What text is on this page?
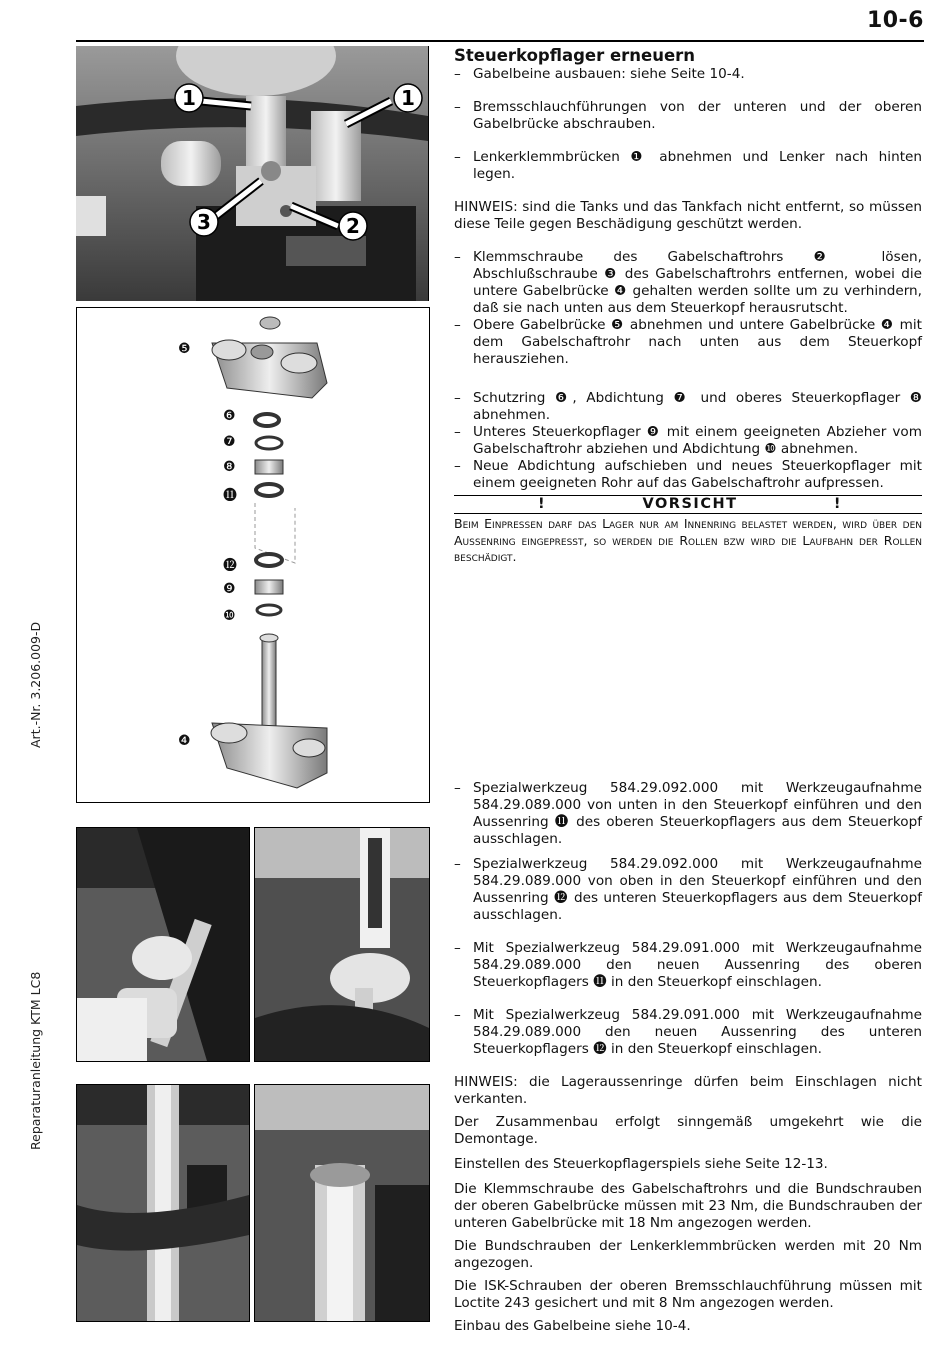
10-6
Art.-Nr. 3.206.009-D
Reparaturanleitung KTM LC8
1	1
3	2
❺
❻
❼
❽
⓫
⓬
❾
❿
❹
Steuerkopflager erneuern
– Gabelbeine ausbauen: siehe Seite 10-4.
– Bremsschlauchführungen von der unteren und der oberen Gabelbrücke abschrauben.
– Lenkerklemmbrücken ❶ abnehmen und Lenker nach hinten legen.
HINWEIS: sind die Tanks und das Tankfach nicht entfernt, so müssen diese Teile gegen Beschädigung geschützt werden.
– Klemmschraube des Gabelschaftrohrs ❷ lösen, Abschlußschraube ❸ des Gabelschaftrohrs entfernen, wobei die untere Gabelbrücke ❹ gehalten werden sollte um zu verhindern, daß sie nach unten aus dem Steuerkopf herausrutscht.
– Obere Gabelbrücke ❺ abnehmen und untere Gabelbrücke ❹ mit dem Gabelschaftrohr nach unten aus dem Steuerkopf herausziehen.
– Schutzring ❻, Abdichtung ❼ und oberes Steuerkopflager ❽ abnehmen.
– Unteres Steuerkopflager ❾ mit einem geeigneten Abzieher vom Gabelschaftrohr abziehen und Abdichtung ❿ abnehmen.
– Neue Abdichtung aufschieben und neues Steuerkopflager mit einem geeigneten Rohr auf das Gabelschaftrohr aufpressen.
!	VORSICHT	!
Beim Einpressen darf das Lager nur am Innenring belastet werden, wird über den Aussenring eingepreßt, so werden die Rollen bzw wird die Laufbahn der Rollen beschädigt.
– Spezialwerkzeug 584.29.092.000 mit Werkzeugaufnahme 584.29.089.000 von unten in den Steuerkopf einführen und den Aussenring ⓫ des oberen Steuerkopflagers aus dem Steuerkopf ausschlagen.
– Spezialwerkzeug 584.29.092.000 mit Werkzeugaufnahme 584.29.089.000 von oben in den Steuerkopf einführen und den Aussenring ⓬ des unteren Steuerkopflagers aus dem Steuerkopf ausschlagen.
– Mit Spezialwerkzeug 584.29.091.000 mit Werkzeugaufnahme 584.29.089.000 den neuen Aussenring des oberen Steuerkopflagers ⓫ in den Steuerkopf einschlagen.
– Mit Spezialwerkzeug 584.29.091.000 mit Werkzeugaufnahme 584.29.089.000 den neuen Aussenring des unteren Steuerkopflagers ⓬ in den Steuerkopf einschlagen.
HINWEIS: die Lageraussenringe dürfen beim Einschlagen nicht verkanten.
Der Zusammenbau erfolgt sinngemäß umgekehrt wie die Demontage.
Einstellen des Steuerkopflagerspiels siehe Seite 12-13.
Die Klemmschraube des Gabelschaftrohrs und die Bundschrauben der oberen Gabelbrücke müssen mit 23 Nm, die Bundschrauben der unteren Gabelbrücke mit 18 Nm angezogen werden.
Die Bundschrauben der Lenkerklemmbrücken werden mit 20 Nm angezogen.
Die ISK-Schrauben der oberen Bremsschlauchführung müssen mit Loctite 243 gesichert und mit 8 Nm angezogen werden.
Einbau des Gabelbeine siehe 10-4.
